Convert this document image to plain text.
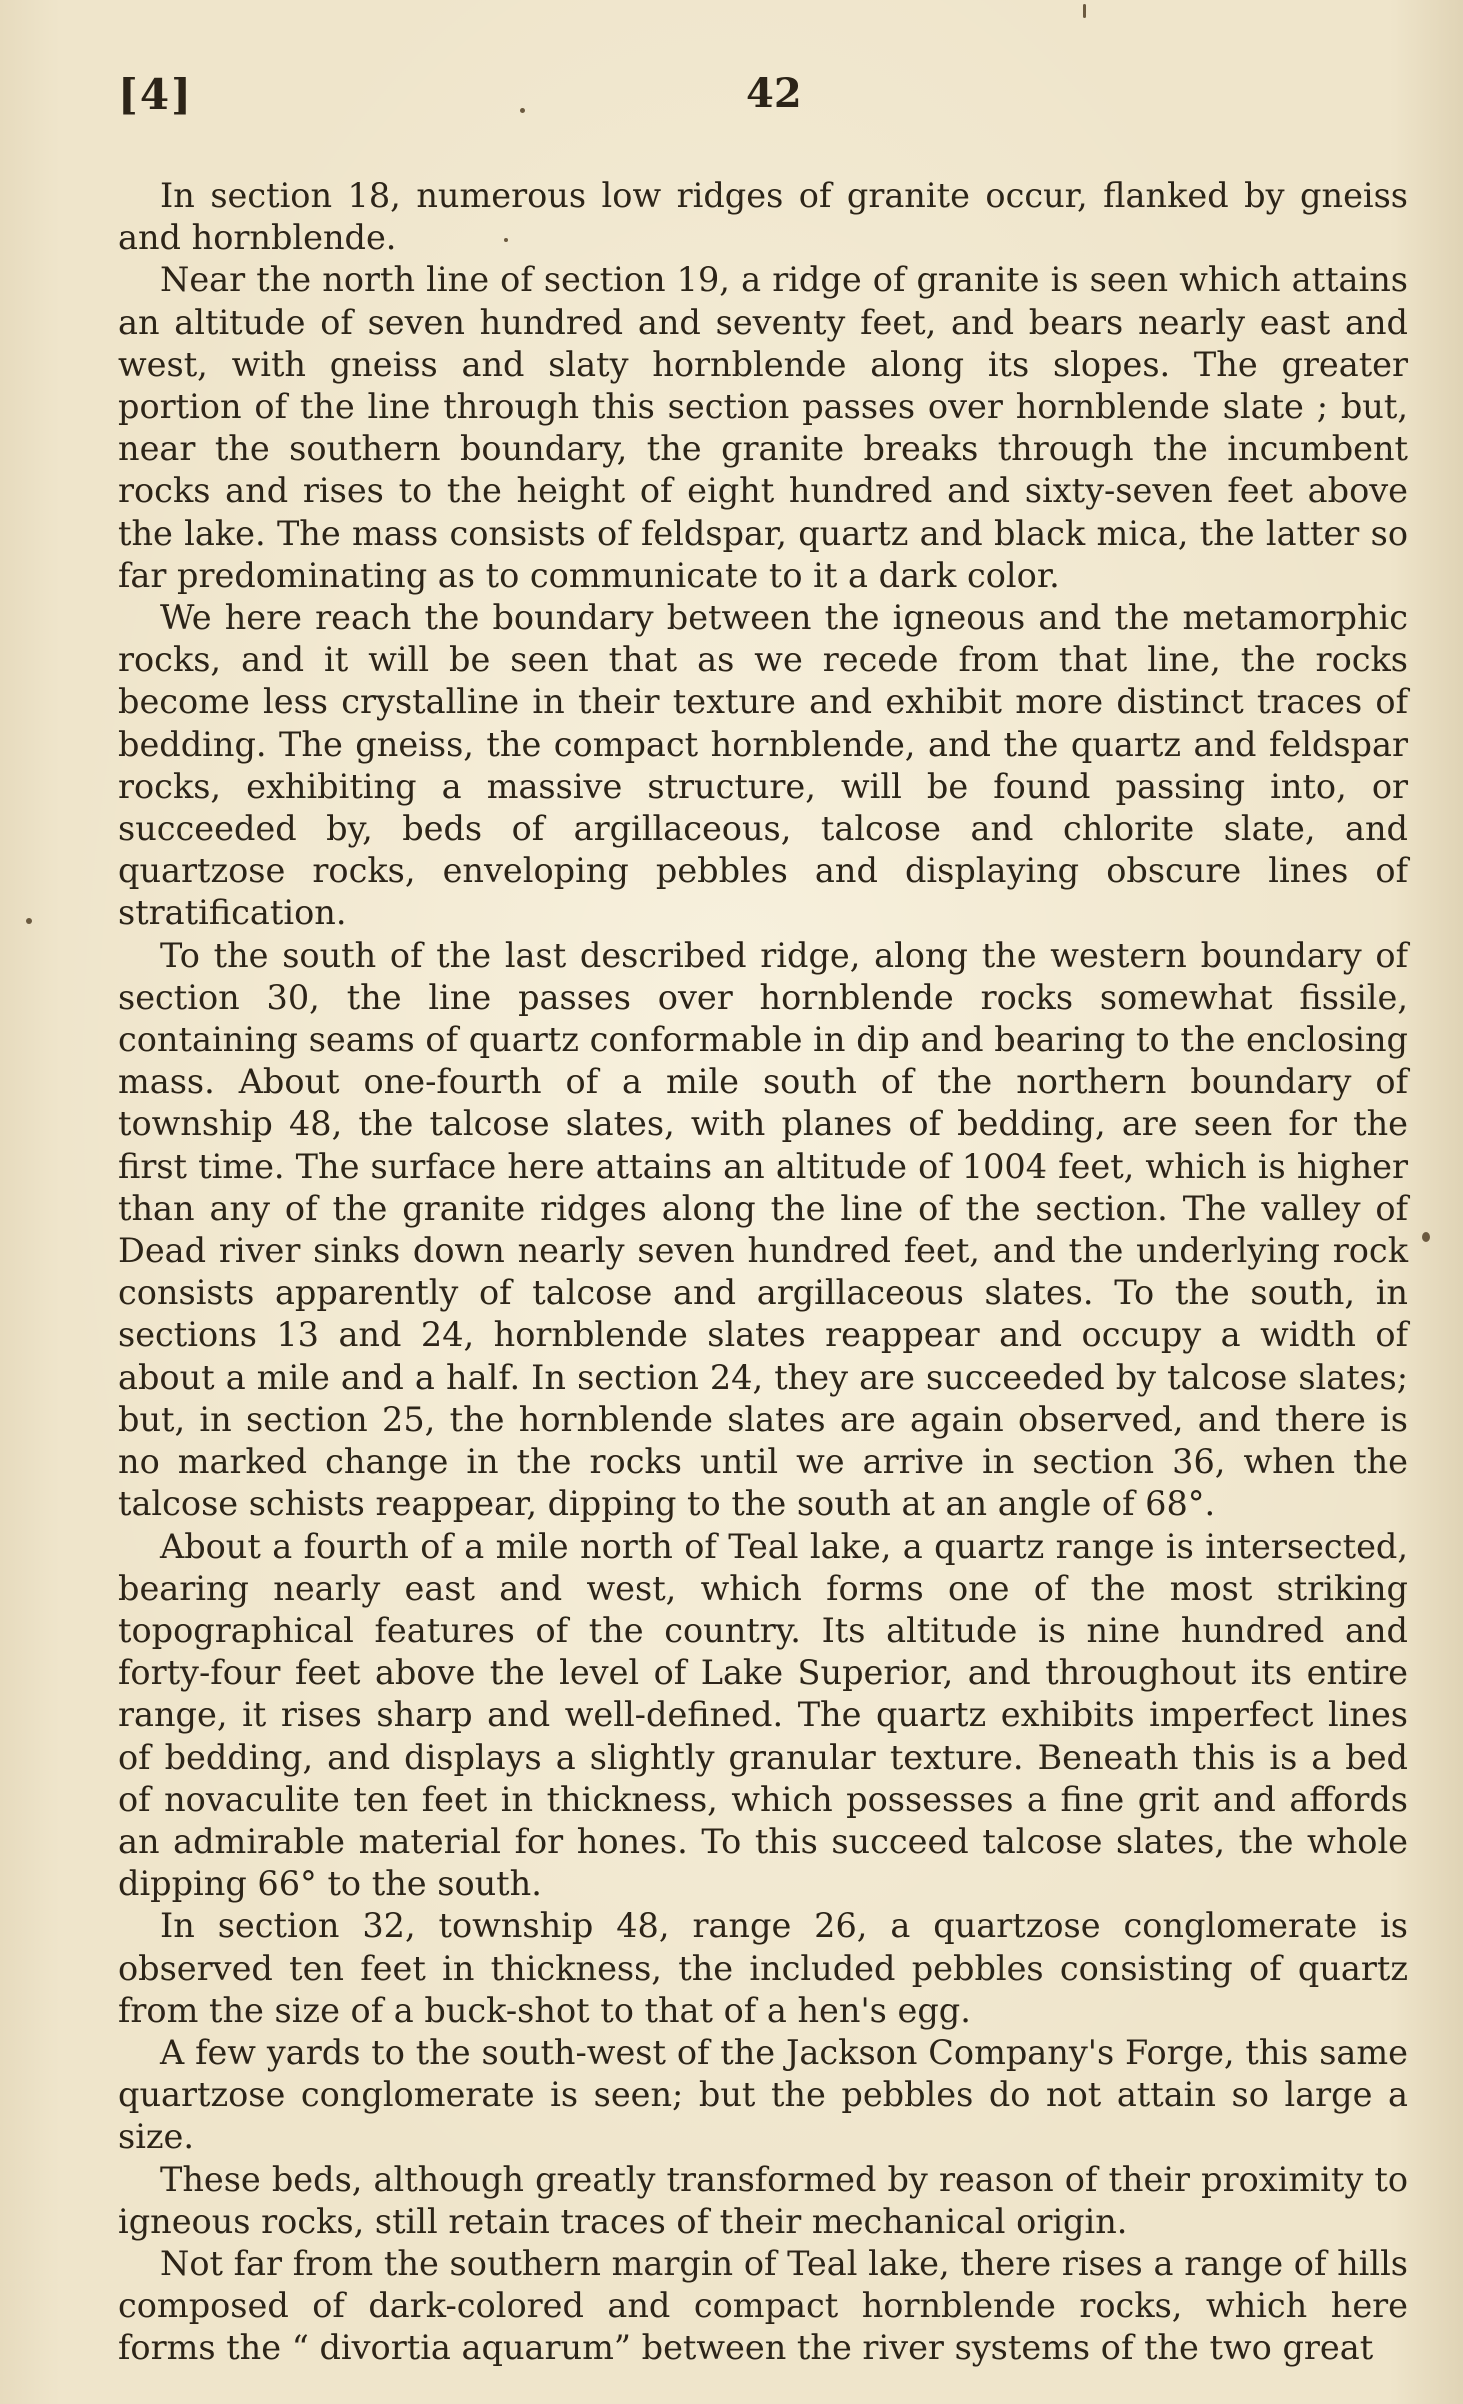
[4]	42

In section 18, numerous low ridges of granite occur, flanked by gneiss and hornblende.

Near the north line of section 19, a ridge of granite is seen which attains an altitude of seven hundred and seventy feet, and bears nearly east and west, with gneiss and slaty hornblende along its slopes. The greater portion of the line through this section passes over hornblende slate ; but, near the southern boundary, the granite breaks through the incumbent rocks and rises to the height of eight hundred and sixty-seven feet above the lake. The mass consists of feldspar, quartz and black mica, the latter so far predominating as to communicate to it a dark color.

We here reach the boundary between the igneous and the metamorphic rocks, and it will be seen that as we recede from that line, the rocks become less crystalline in their texture and exhibit more distinct traces of bedding. The gneiss, the compact hornblende, and the quartz and feldspar rocks, exhibiting a massive structure, will be found passing into, or succeeded by, beds of argillaceous, talcose and chlorite slate, and quartzose rocks, enveloping pebbles and displaying obscure lines of stratification.

To the south of the last described ridge, along the western boundary of section 30, the line passes over hornblende rocks somewhat fissile, containing seams of quartz conformable in dip and bearing to the enclosing mass. About one-fourth of a mile south of the northern boundary of township 48, the talcose slates, with planes of bedding, are seen for the first time. The surface here attains an altitude of 1004 feet, which is higher than any of the granite ridges along the line of the section. The valley of Dead river sinks down nearly seven hundred feet, and the underlying rock consists apparently of talcose and argillaceous slates. To the south, in sections 13 and 24, hornblende slates reappear and occupy a width of about a mile and a half. In section 24, they are succeeded by talcose slates; but, in section 25, the hornblende slates are again observed, and there is no marked change in the rocks until we arrive in section 36, when the talcose schists reappear, dipping to the south at an angle of 68°.

About a fourth of a mile north of Teal lake, a quartz range is intersected, bearing nearly east and west, which forms one of the most striking topographical features of the country. Its altitude is nine hundred and forty-four feet above the level of Lake Superior, and throughout its entire range, it rises sharp and well-defined. The quartz exhibits imperfect lines of bedding, and displays a slightly granular texture. Beneath this is a bed of novaculite ten feet in thickness, which possesses a fine grit and affords an admirable material for hones. To this succeed talcose slates, the whole dipping 66° to the south.

In section 32, township 48, range 26, a quartzose conglomerate is observed ten feet in thickness, the included pebbles consisting of quartz from the size of a buck-shot to that of a hen's egg.

A few yards to the south-west of the Jackson Company's Forge, this same quartzose conglomerate is seen; but the pebbles do not attain so large a size.

These beds, although greatly transformed by reason of their proximity to igneous rocks, still retain traces of their mechanical origin.

Not far from the southern margin of Teal lake, there rises a range of hills composed of dark-colored and compact hornblende rocks, which here forms the “ divortia aquarum” between the river systems of the two great
